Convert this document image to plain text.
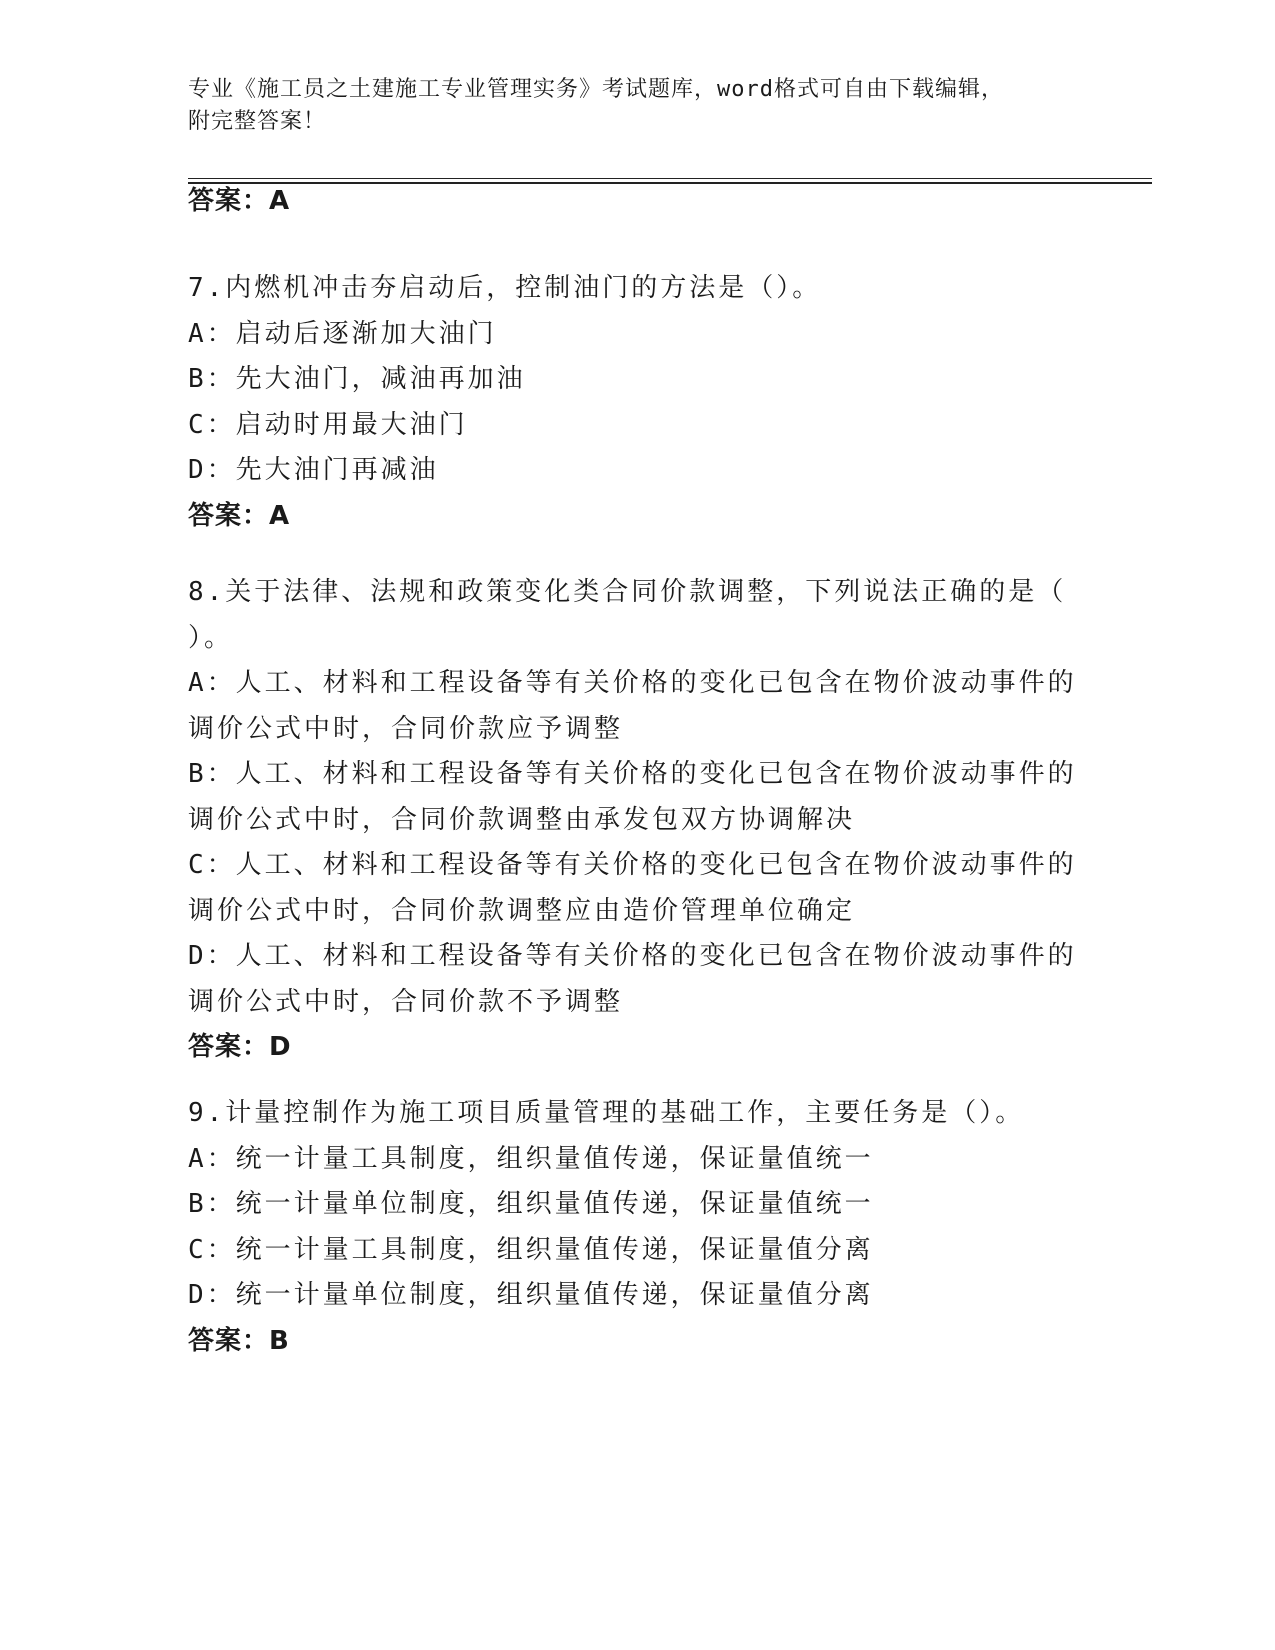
专业《施工员之土建施工专业管理实务》考试题库，word格式可自由下载编辑，
附完整答案！
答案：A
7.内燃机冲击夯启动后，控制油门的方法是（）。
A：启动后逐渐加大油门
B：先大油门，减油再加油
C：启动时用最大油门
D：先大油门再减油
答案：A
8.关于法律、法规和政策变化类合同价款调整，下列说法正确的是（
）。
A：人工、材料和工程设备等有关价格的变化已包含在物价波动事件的
调价公式中时，合同价款应予调整
B：人工、材料和工程设备等有关价格的变化已包含在物价波动事件的
调价公式中时，合同价款调整由承发包双方协调解决
C：人工、材料和工程设备等有关价格的变化已包含在物价波动事件的
调价公式中时，合同价款调整应由造价管理单位确定
D：人工、材料和工程设备等有关价格的变化已包含在物价波动事件的
调价公式中时，合同价款不予调整
答案：D
9.计量控制作为施工项目质量管理的基础工作，主要任务是（）。
A：统一计量工具制度，组织量值传递，保证量值统一
B：统一计量单位制度，组织量值传递，保证量值统一
C：统一计量工具制度，组织量值传递，保证量值分离
D：统一计量单位制度，组织量值传递，保证量值分离
答案：B
